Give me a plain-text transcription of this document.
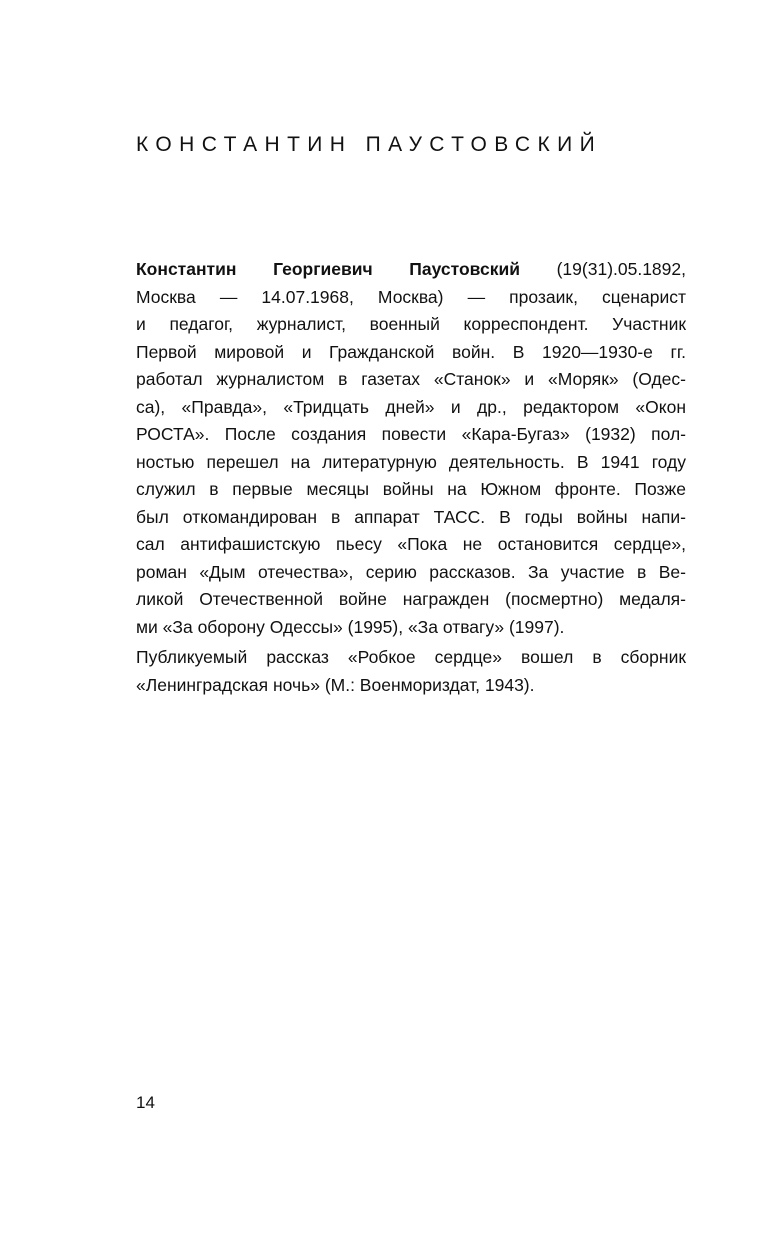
КОНСТАНТИН ПАУСТОВСКИЙ
Константин Георгиевич Паустовский (19(31).05.1892,
Москва — 14.07.1968, Москва) — прозаик, сценарист
и педагог, журналист, военный корреспондент. Участник
Первой мировой и Гражданской войн. В 1920—1930-е гг.
работал журналистом в газетах «Станок» и «Моряк» (Одес-
са), «Правда», «Тридцать дней» и др., редактором «Окон
РОСТА». После создания повести «Кара-Бугаз» (1932) пол-
ностью перешел на литературную деятельность. В 1941 году
служил в первые месяцы войны на Южном фронте. Позже
был откомандирован в аппарат ТАСС. В годы войны напи-
сал антифашистскую пьесу «Пока не остановится сердце»,
роман «Дым отечества», серию рассказов. За участие в Ве-
ликой Отечественной войне награжден (посмертно) медаля-
ми «За оборону Одессы» (1995), «За отвагу» (1997).
Публикуемый рассказ «Робкое сердце» вошел в сборник
«Ленинградская ночь» (М.: Военмориздат, 1943).
14
